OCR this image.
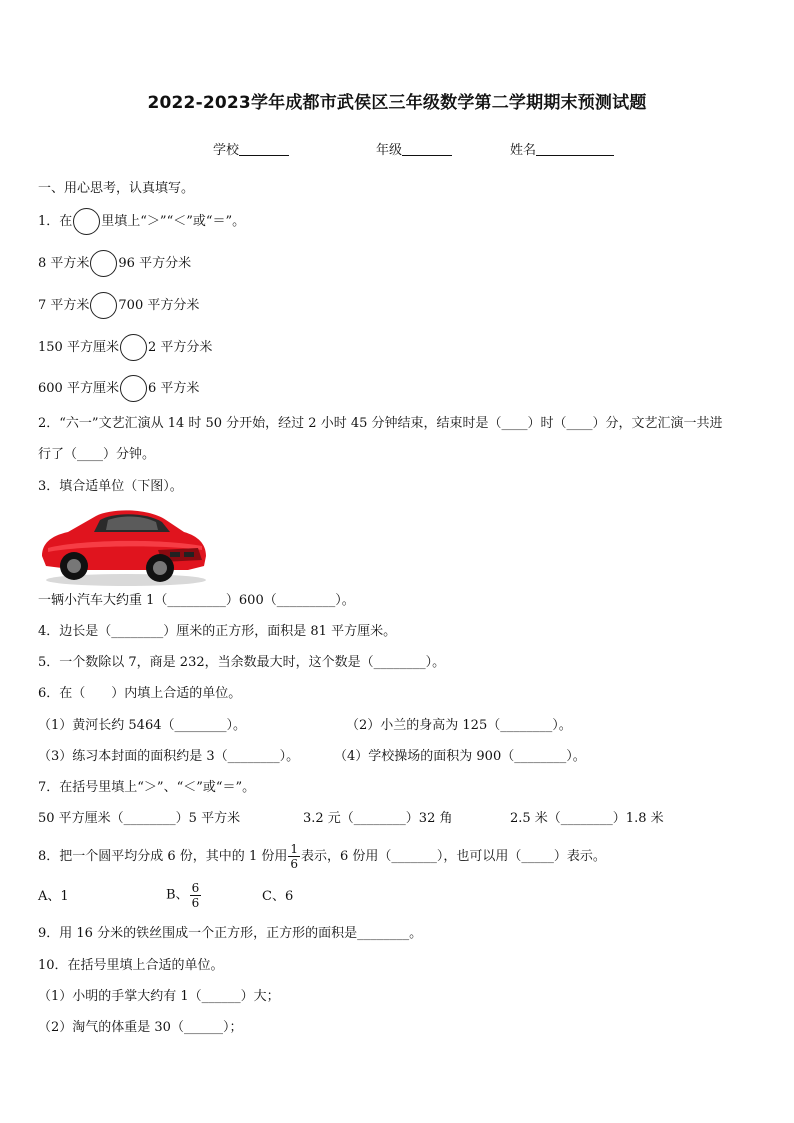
2022-2023学年成都市武侯区三年级数学第二学期期末预测试题
学校	年级	姓名
一、用心思考，认真填写。
1．在 里填上“＞”“＜”或“＝”。
8 平方米 96 平方分米
7 平方米 700 平方分米
150 平方厘米 2 平方分米
600 平方厘米 6 平方米
2．“六一”文艺汇演从 14 时 50 分开始，经过 2 小时 45 分钟结束，结束时是（____）时（____）分，文艺汇演一共进
行了（____）分钟。
3．填合适单位（下图）。
一辆小汽车大约重 1（_________）600（_________）。
4．边长是（________）厘米的正方形，面积是 81 平方厘米。
5．一个数除以 7，商是 232，当余数最大时，这个数是（________）。
6．在（　　）内填上合适的单位。
（1）黄河长约 5464（________）。	（2）小兰的身高为 125（________）。
（3）练习本封面的面积约是 3（________）。	（4）学校操场的面积为 900（________）。
7．在括号里填上“＞”、“＜”或“＝”。
50 平方厘米（________）5 平方米	3.2 元（________）32 角	2.5 米（________）1.8 米
8．把一个圆平均分成 6 份，其中的 1 份用 $\frac{1}{6}$ 表示，6 份用（_______），也可以用（_____）表示。
A、1	B、 $\frac{6}{6}$	C、6
9．用 16 分米的铁丝围成一个正方形，正方形的面积是________。
10．在括号里填上合适的单位。
（1）小明的手掌大约有 1（______）大；
（2）淘气的体重是 30（______）；
